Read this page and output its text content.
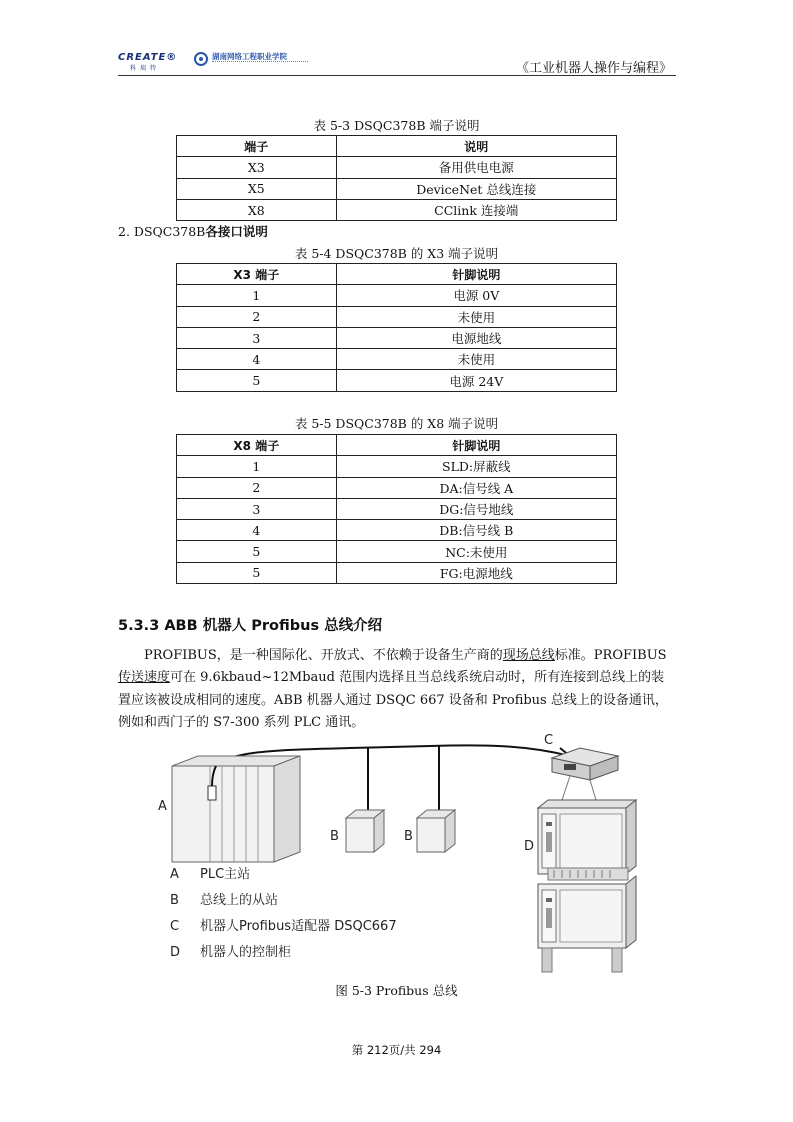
CREATE®
科瑞特
湖南网络工程职业学院
《工业机器人操作与编程》
表 5-3 DSQC378B 端子说明
端子	说明
X3	备用供电电源
X5	DeviceNet 总线连接
X8	CClink 连接端
2. DSQC378B各接口说明
表 5-4 DSQC378B 的 X3 端子说明
X3 端子	针脚说明
1	电源 0V
2	未使用
3	电源地线
4	未使用
5	电源 24V
表 5-5 DSQC378B 的 X8 端子说明
X8 端子	针脚说明
1	SLD:屏蔽线
2	DA:信号线 A
3	DG:信号地线
4	DB:信号线 B
5	NC:未使用
5	FG:电源地线
5.3.3 ABB 机器人 Profibus 总线介绍
　　PROFIBUS，是一种国际化、开放式、不依赖于设备生产商的现场总线标准。PROFIBUS
传送速度可在 9.6kbaud~12Mbaud 范围内选择且当总线系统启动时，所有连接到总线上的装
置应该被设成相同的速度。ABB 机器人通过 DSQC 667 设备和 Profibus 总线上的设备通讯，
例如和西门子的 S7-300 系列 PLC 通讯。
A
B	B
C
D
A PLC主站
B 总线上的从站
C 机器人Profibus适配器 DSQC667
D 机器人的控制柜
图 5-3 Profibus 总线
第 212页/共 294
